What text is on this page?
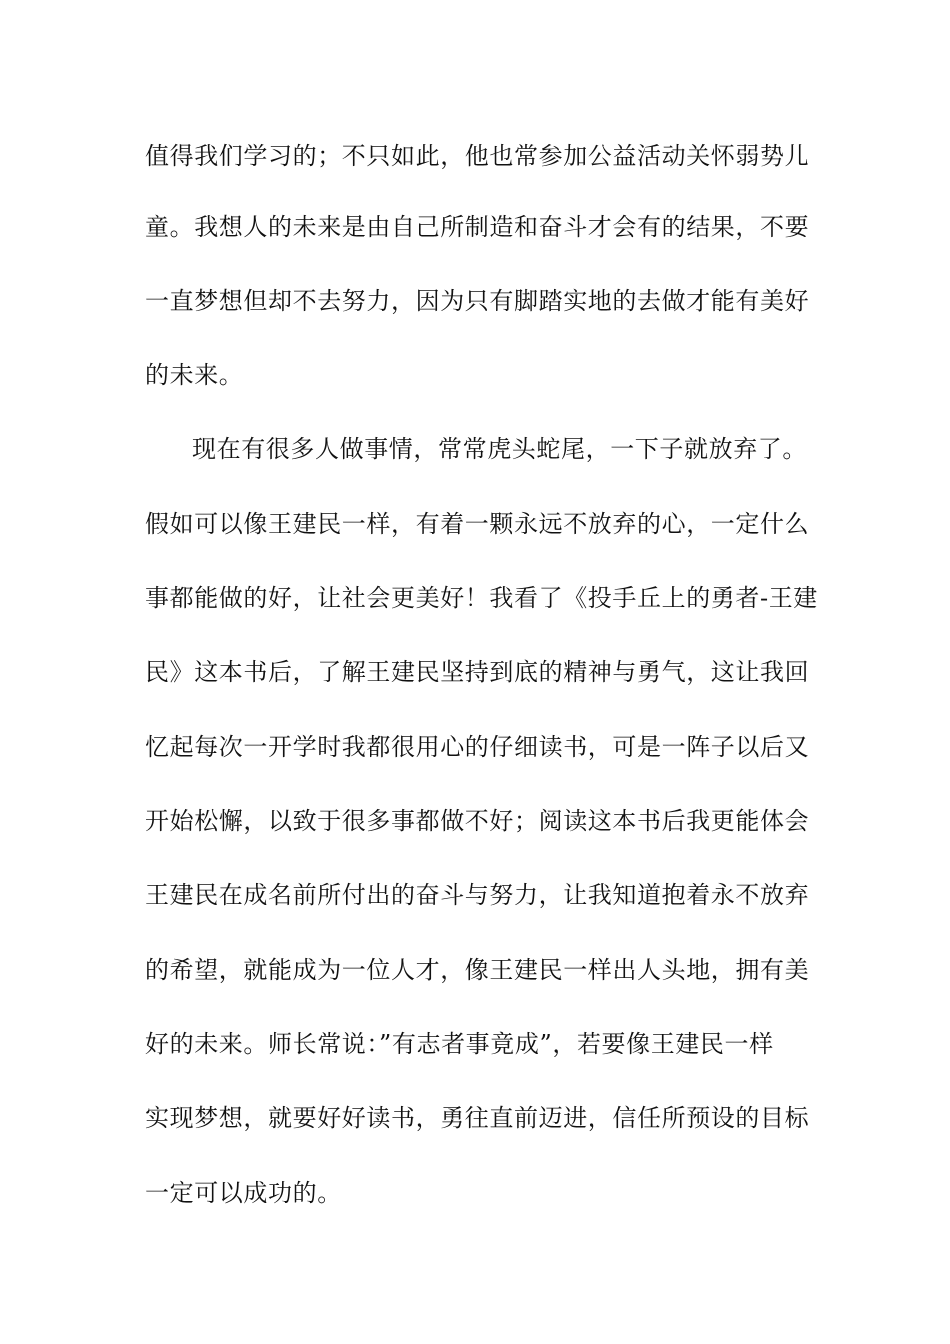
值得我们学习的；不只如此，他也常参加公益活动关怀弱势儿
童。我想人的未来是由自己所制造和奋斗才会有的结果，不要
一直梦想但却不去努力，因为只有脚踏实地的去做才能有美好
的未来。
现在有很多人做事情，常常虎头蛇尾，一下子就放弃了。
假如可以像王建民一样，有着一颗永远不放弃的心，一定什么
事都能做的好，让社会更美好！我看了《投手丘上的勇者-王建
民》这本书后，了解王建民坚持到底的精神与勇气，这让我回
忆起每次一开学时我都很用心的仔细读书，可是一阵子以后又
开始松懈，以致于很多事都做不好；阅读这本书后我更能体会
王建民在成名前所付出的奋斗与努力，让我知道抱着永不放弃
的希望，就能成为一位人才，像王建民一样出人头地，拥有美
好的未来。师长常说：”有志者事竟成”，若要像王建民一样
实现梦想，就要好好读书，勇往直前迈进，信任所预设的目标
一定可以成功的。
